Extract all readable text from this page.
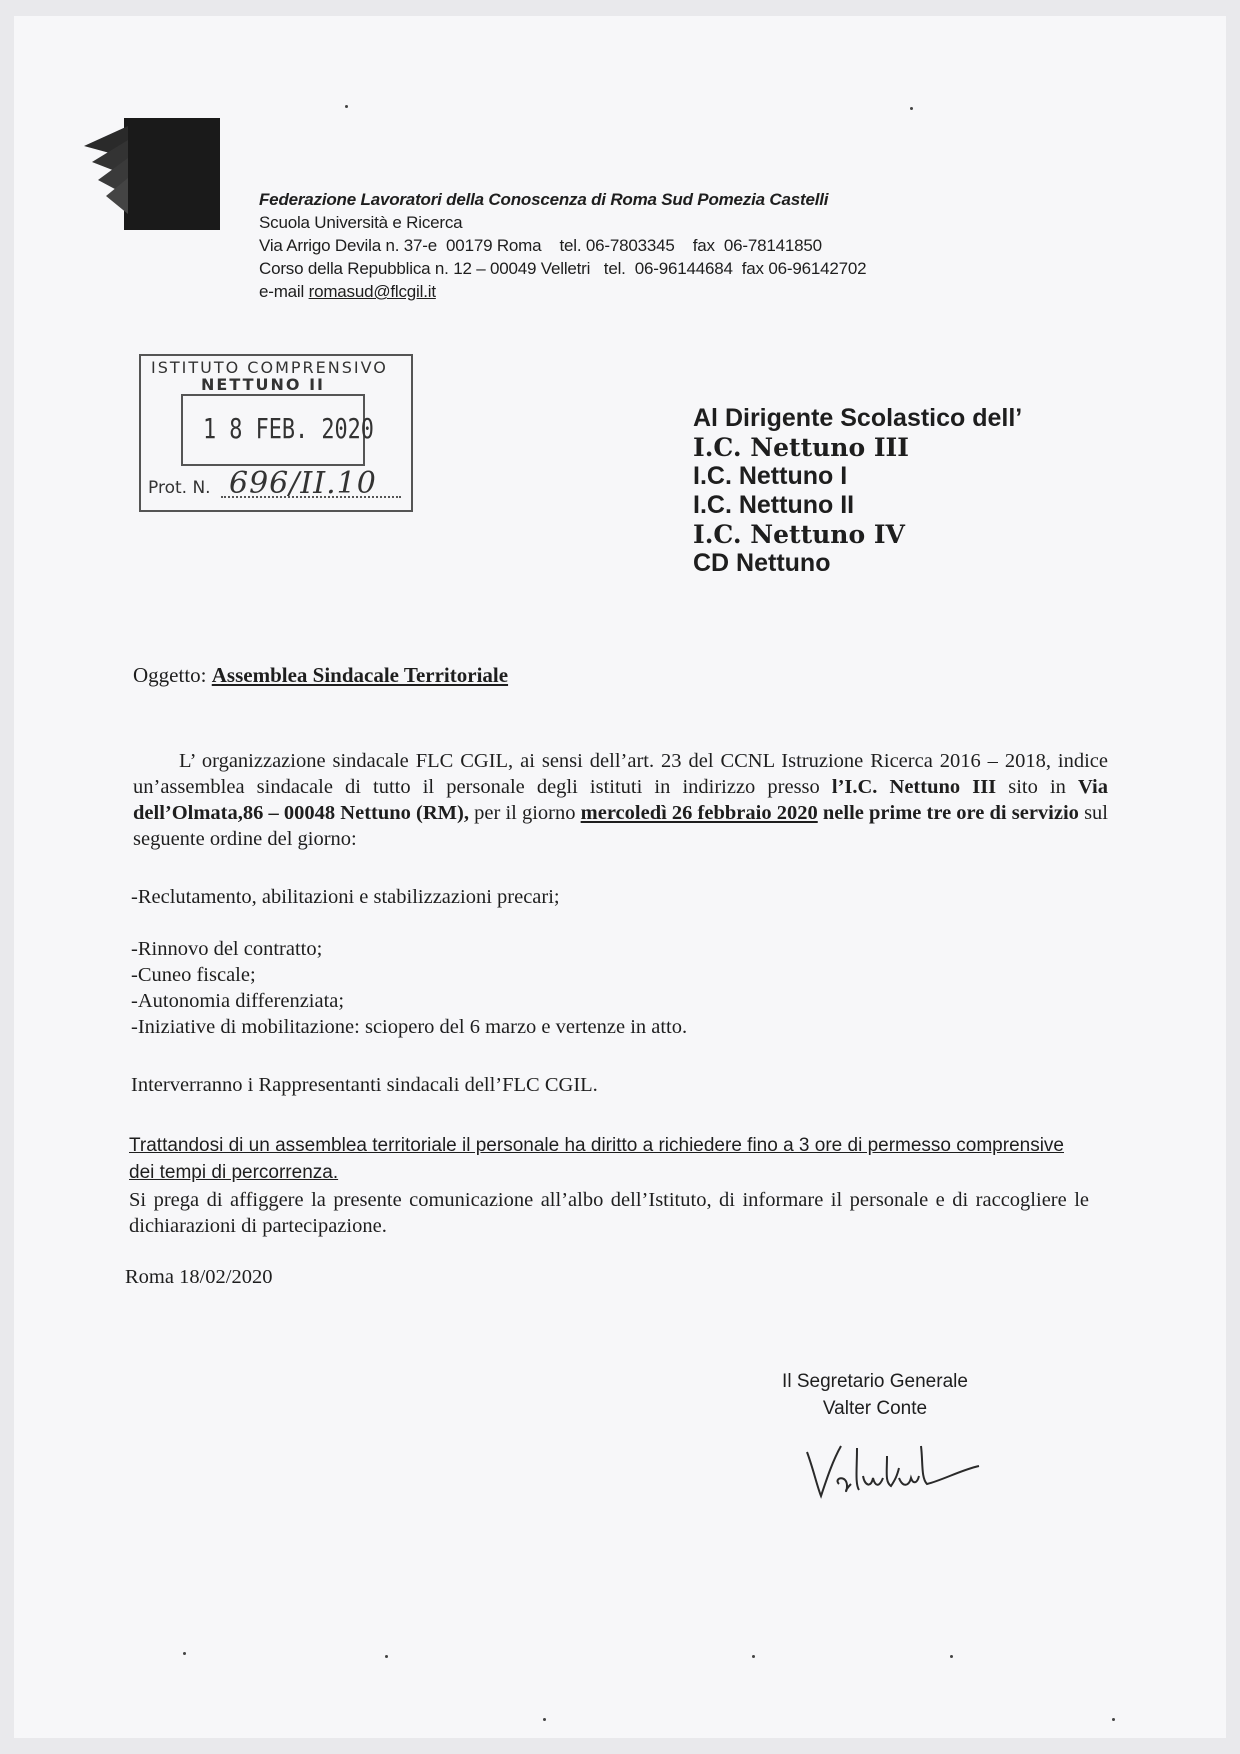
Federazione Lavoratori della Conoscenza di Roma Sud Pomezia Castelli
Scuola Università e Ricerca
Via Arrigo Devila n. 37-e  00179 Roma    tel. 06-7803345    fax  06-78141850
Corso della Repubblica n. 12 – 00049 Velletri   tel.  06-96144684  fax 06-96142702
e-mail romasud@flcgil.it
ISTITUTO COMPRENSIVO
NETTUNO II
1 8 FEB. 2020
Prot. N. 696/II.10
Al Dirigente Scolastico dell’
I.C. Nettuno III
I.C. Nettuno I
I.C. Nettuno II
I.C. Nettuno IV
CD Nettuno
Oggetto: Assemblea Sindacale Territoriale

L’ organizzazione sindacale FLC CGIL, ai sensi dell’art. 23 del CCNL Istruzione Ricerca 2016 – 2018, indice un’assemblea sindacale di tutto il personale degli istituti in indirizzo presso l’I.C. Nettuno III sito in Via dell’Olmata,86 – 00048 Nettuno (RM), per il giorno mercoledì 26 febbraio 2020 nelle prime tre ore di servizio sul seguente ordine del giorno:

-Reclutamento, abilitazioni e stabilizzazioni precari;
-Rinnovo del contratto;
-Cuneo fiscale;
-Autonomia differenziata;
-Iniziative di mobilitazione: sciopero del 6 marzo e vertenze in atto.
Interverranno i Rappresentanti sindacali dell’FLC CGIL.
Trattandosi di un assemblea territoriale il personale ha diritto a richiedere fino a 3 ore di permesso comprensive dei tempi di percorrenza.
Si prega di affiggere la presente comunicazione all’albo dell’Istituto, di informare il personale e di raccogliere le dichiarazioni di partecipazione.
Roma 18/02/2020
Il Segretario Generale
Valter Conte
